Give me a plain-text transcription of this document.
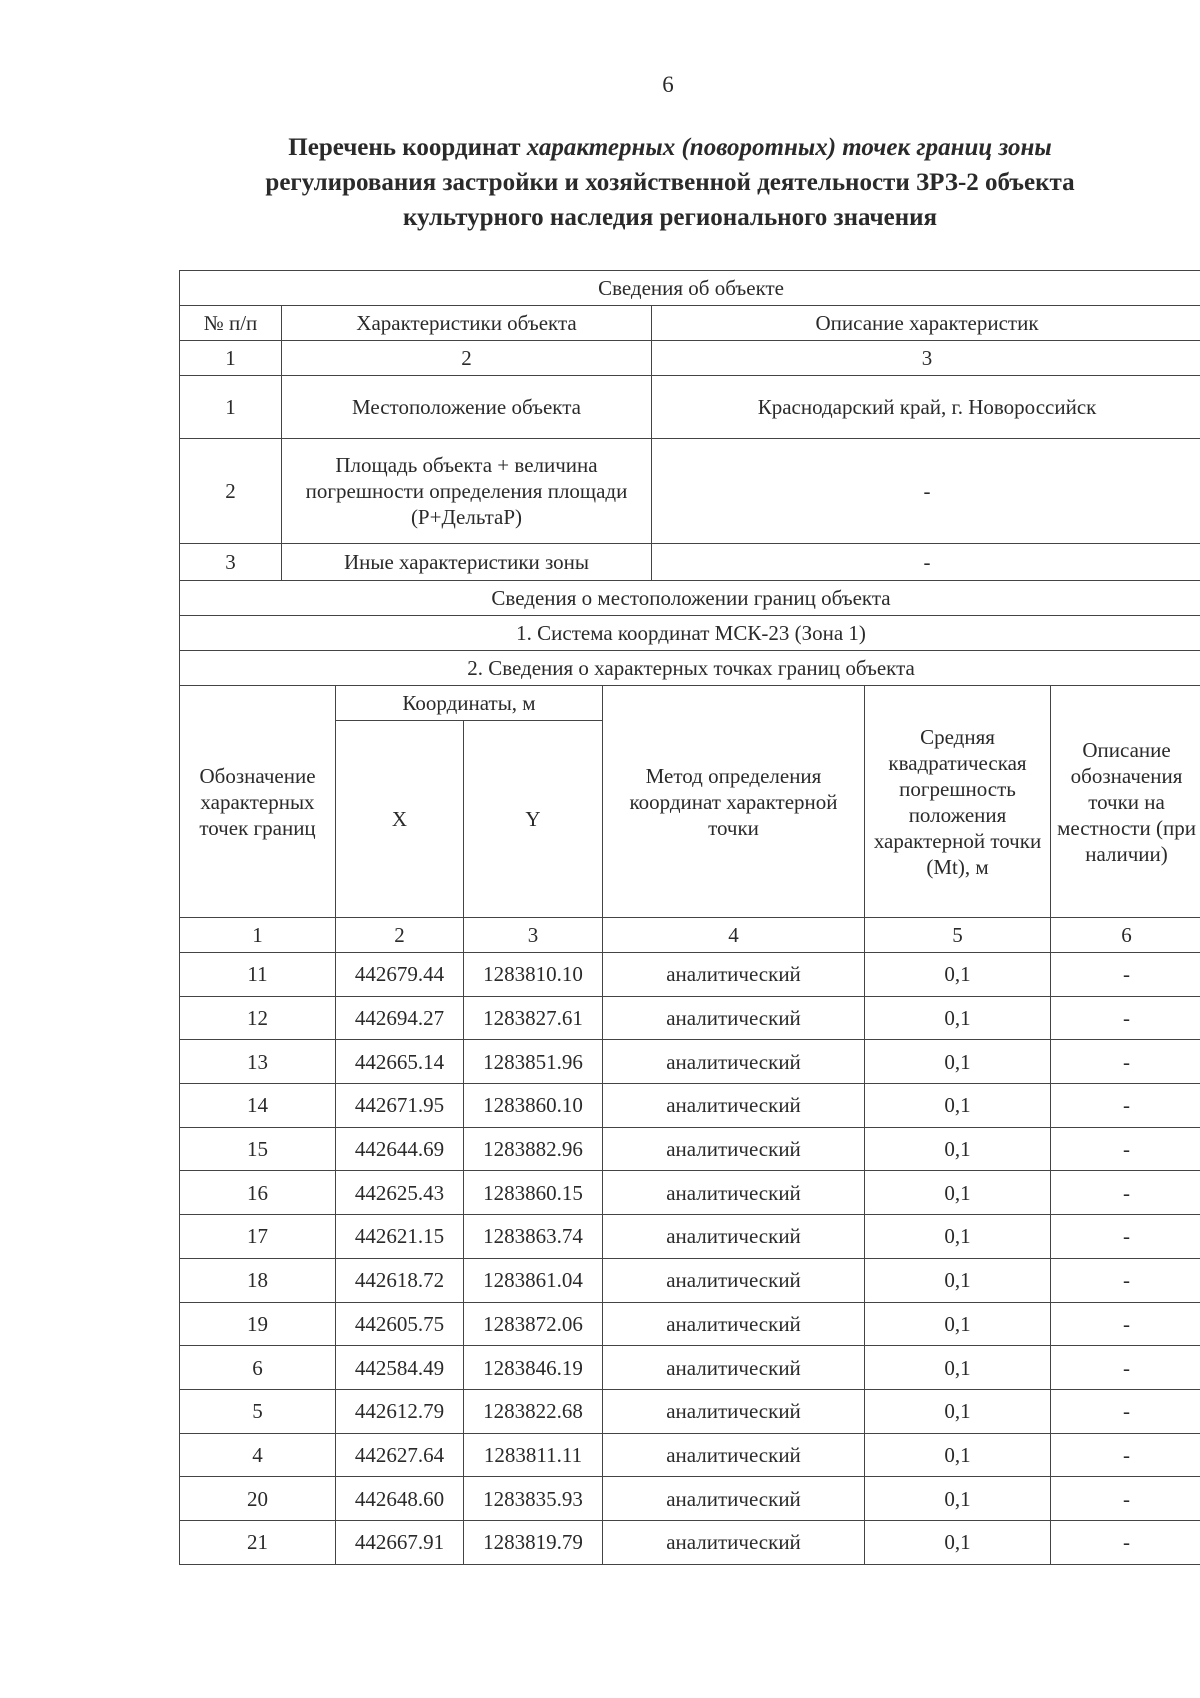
6
Перечень координат характерных (поворотных) точек границ зоны
регулирования застройки и хозяйственной деятельности ЗРЗ-2 объекта
культурного наследия регионального значения
Сведения об объекте							
№ п/п	Характеристики объекта				Описание характеристик		
1	2				3		
1	Местоположение объекта				Краснодарский край, г. Новороссийск		
2	Площадь объекта + величина погрешности определения площади (P+ДельтаР)				-		
3	Иные характеристики зоны				-		
Сведения о местоположении границ объекта							
1. Система координат МСК-23 (Зона 1)							
2. Сведения о характерных точках границ объекта							
Обозначение характерных точек границ		Координаты, м		Метод определения координат характерной точки		Средняя квадратическая погрешность положения характерной точки (Mt), м	Описание обозначения точки на местности (при наличии)
		X	Y				
1		2	3	4		5	6
11		442679.44	1283810.10	аналитический		0,1	-
12		442694.27	1283827.61	аналитический		0,1	-
13		442665.14	1283851.96	аналитический		0,1	-
14		442671.95	1283860.10	аналитический		0,1	-
15		442644.69	1283882.96	аналитический		0,1	-
16		442625.43	1283860.15	аналитический		0,1	-
17		442621.15	1283863.74	аналитический		0,1	-
18		442618.72	1283861.04	аналитический		0,1	-
19		442605.75	1283872.06	аналитический		0,1	-
6		442584.49	1283846.19	аналитический		0,1	-
5		442612.79	1283822.68	аналитический		0,1	-
4		442627.64	1283811.11	аналитический		0,1	-
20		442648.60	1283835.93	аналитический		0,1	-
21		442667.91	1283819.79	аналитический		0,1	-
